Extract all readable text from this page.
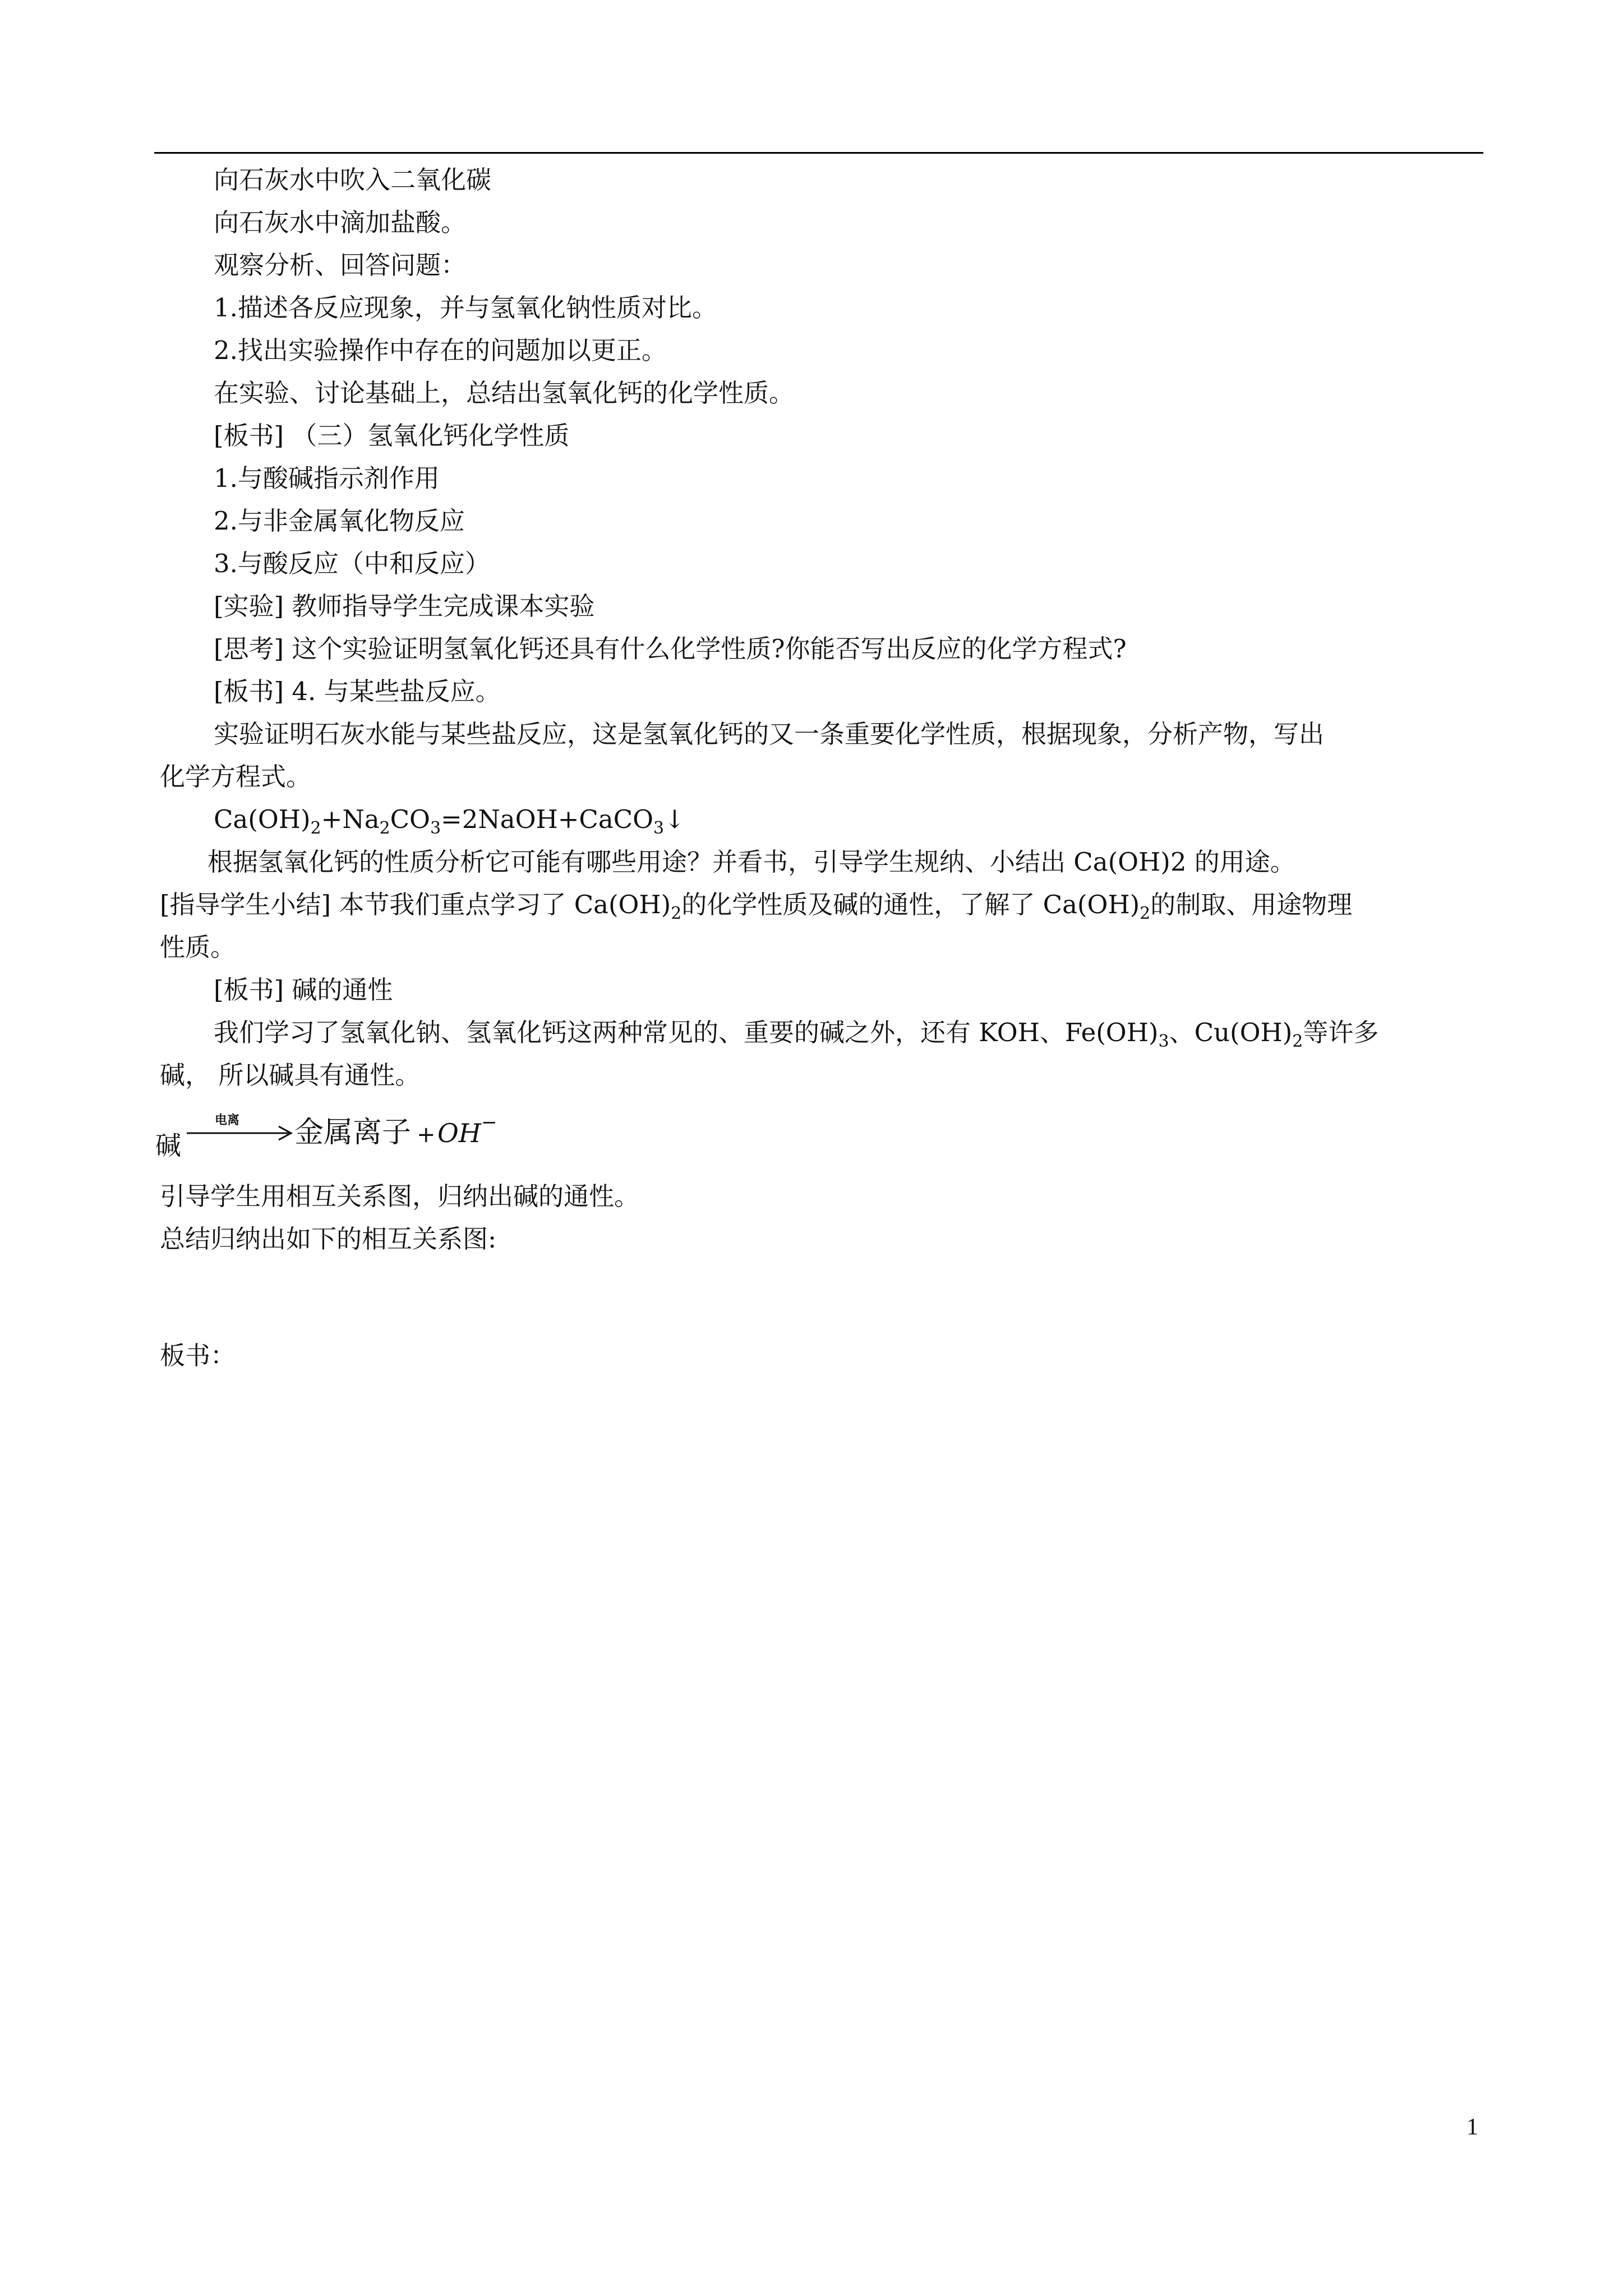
向石灰水中吹入二氧化碳
向石灰水中滴加盐酸。
观察分析、回答问题：
1.描述各反应现象，并与氢氧化钠性质对比。
2.找出实验操作中存在的问题加以更正。
在实验、讨论基础上，总结出氢氧化钙的化学性质。
[板书] （三）氢氧化钙化学性质
1.与酸碱指示剂作用
2.与非金属氧化物反应
3.与酸反应（中和反应）
[实验] 教师指导学生完成课本实验
[思考] 这个实验证明氢氧化钙还具有什么化学性质?你能否写出反应的化学方程式?
[板书] 4. 与某些盐反应。
实验证明石灰水能与某些盐反应，这是氢氧化钙的又一条重要化学性质，根据现象，分析产物，写出
化学方程式。
$Ca(OH)_2+Na_2CO_3=2NaOH+CaCO_3↓$
根据氢氧化钙的性质分析它可能有哪些用途？并看书，引导学生规纳、小结出 Ca(OH)2 的用途。
[指导学生小结] 本节我们重点学习了 $Ca(OH)_2$的化学性质及碱的通性，了解了 $Ca(OH)_2$的制取、用途物理
性质。
[板书] 碱的通性
我们学习了氢氧化钠、氢氧化钙这两种常见的、重要的碱之外，还有 KOH、$Fe(OH)_3$、$Cu(OH)_2$等许多
碱， 所以碱具有通性。
碱
电离 金属离子 + OH −
引导学生用相互关系图，归纳出碱的通性。
总结归纳出如下的相互关系图:
板书：
1
